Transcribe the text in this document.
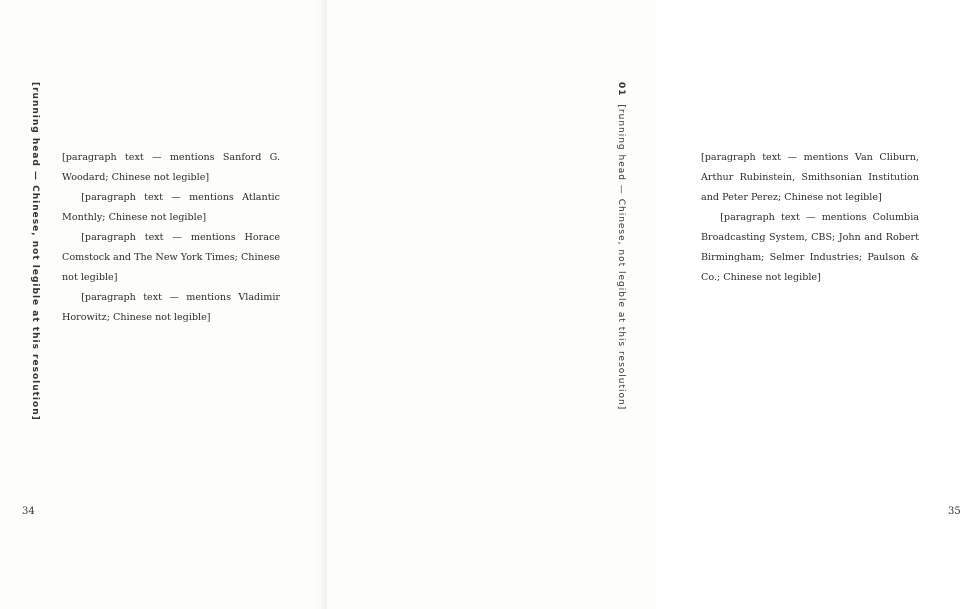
[running head — Chinese, not legible at this resolution] [paragraph text — mentions Sanford G. Woodard; Chinese not legible]

[paragraph text — mentions Atlantic Monthly; Chinese not legible]

[paragraph text — mentions Horace Comstock and The New York Times; Chinese not legible]

[paragraph text — mentions Vladimir Horowitz; Chinese not legible]

34

[paragraph text — mentions Van Cliburn, Arthur Rubinstein, Smithsonian Institution and Peter Perez; Chinese not legible]

[paragraph text — mentions Columbia Broadcasting System, CBS; John and Robert Birmingham; Selmer Industries; Paulson & Co.; Chinese not legible]

35
01 [running head — Chinese, not legible at this resolution]
